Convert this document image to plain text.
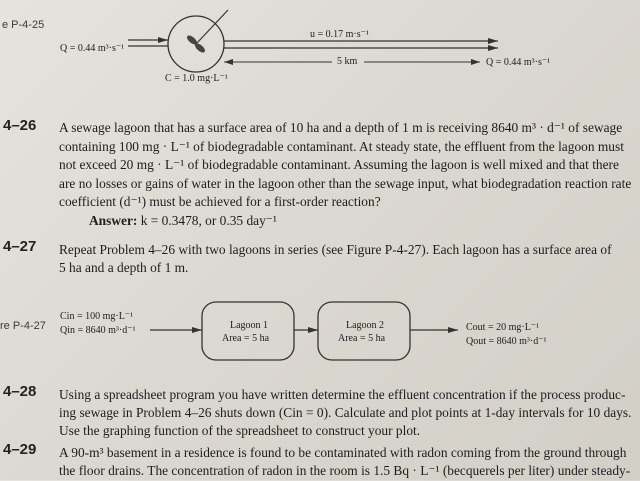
e P-4-25
Q = 0.44 m³·s⁻¹
u = 0.17 m·s⁻¹
5 km	Q = 0.44 m³·s⁻¹
C = 1.0 mg·L⁻¹
4–26 A sewage lagoon that has a surface area of 10 ha and a depth of 1 m is receiving 8640 m³ · d⁻¹ of sewage
containing 100 mg · L⁻¹ of biodegradable contaminant. At steady state, the effluent from the lagoon must
not exceed 20 mg · L⁻¹ of biodegradable contaminant. Assuming the lagoon is well mixed and that there
are no losses or gains of water in the lagoon other than the sewage input, what biodegradation reaction rate
coefficient (d⁻¹) must be achieved for a first-order reaction?
Answer: k = 0.3478, or 0.35 day⁻¹
4–27 Repeat Problem 4–26 with two lagoons in series (see Figure P-4-27). Each lagoon has a surface area of
5 ha and a depth of 1 m.
re P-4-27
Cin = 100 mg·L⁻¹
Qin = 8640 m³·d⁻¹	Lagoon 1
Area = 5 ha
Lagoon 2
Area = 5 ha
Cout = 20 mg·L⁻¹
Qout = 8640 m³·d⁻¹
4–28 Using a spreadsheet program you have written determine the effluent concentration if the process produc-
ing sewage in Problem 4–26 shuts down (Cin = 0). Calculate and plot points at 1-day intervals for 10 days.
Use the graphing function of the spreadsheet to construct your plot.
4–29 A 90-m³ basement in a residence is found to be contaminated with radon coming from the ground through
the floor drains. The concentration of radon in the room is 1.5 Bq · L⁻¹ (becquerels per liter) under steady-
